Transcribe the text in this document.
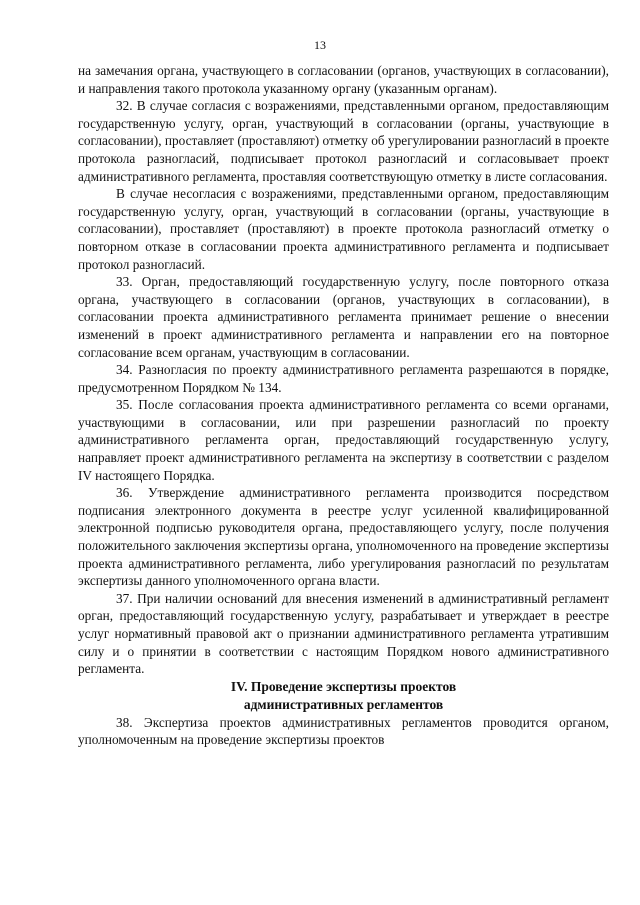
13

на замечания органа, участвующего в согласовании (органов, участвующих в согласовании), и направления такого протокола указанному органу (указанным органам).

32. В случае согласия с возражениями, представленными органом, предоставляющим государственную услугу, орган, участвующий в согласовании (органы, участвующие в согласовании), проставляет (проставляют) отметку об урегулировании разногласий в проекте протокола разногласий, подписывает протокол разногласий и согласовывает проект административного регламента, проставляя соответствующую отметку в листе согласования.

В случае несогласия с возражениями, представленными органом, предоставляющим государственную услугу, орган, участвующий в согласовании (органы, участвующие в согласовании), проставляет (проставляют) в проекте протокола разногласий отметку о повторном отказе в согласовании проекта административного регламента и подписывает протокол разногласий.

33. Орган, предоставляющий государственную услугу, после повторного отказа органа, участвующего в согласовании (органов, участвующих в согласовании), в согласовании проекта административного регламента принимает решение о внесении изменений в проект административного регламента и направлении его на повторное согласование всем органам, участвующим в согласовании.

34. Разногласия по проекту административного регламента разрешаются в порядке, предусмотренном Порядком № 134.

35. После согласования проекта административного регламента со всеми органами, участвующими в согласовании, или при разрешении разногласий по проекту административного регламента орган, предоставляющий государственную услугу, направляет проект административного регламента на экспертизу в соответствии с разделом IV настоящего Порядка.

36. Утверждение административного регламента производится посредством подписания электронного документа в реестре услуг усиленной квалифицированной электронной подписью руководителя органа, предоставляющего услугу, после получения положительного заключения экспертизы органа, уполномоченного на проведение экспертизы проекта административного регламента, либо урегулирования разногласий по результатам экспертизы данного уполномоченного органа власти.

37. При наличии оснований для внесения изменений в административный регламент орган, предоставляющий государственную услугу, разрабатывает и утверждает в реестре услуг нормативный правовой акт о признании административного регламента утратившим силу и о принятии в соответствии с настоящим Порядком нового административного регламента.

IV. Проведение экспертизы проектов
административных регламентов

38. Экспертиза проектов административных регламентов проводится органом, уполномоченным на проведение экспертизы проектов
